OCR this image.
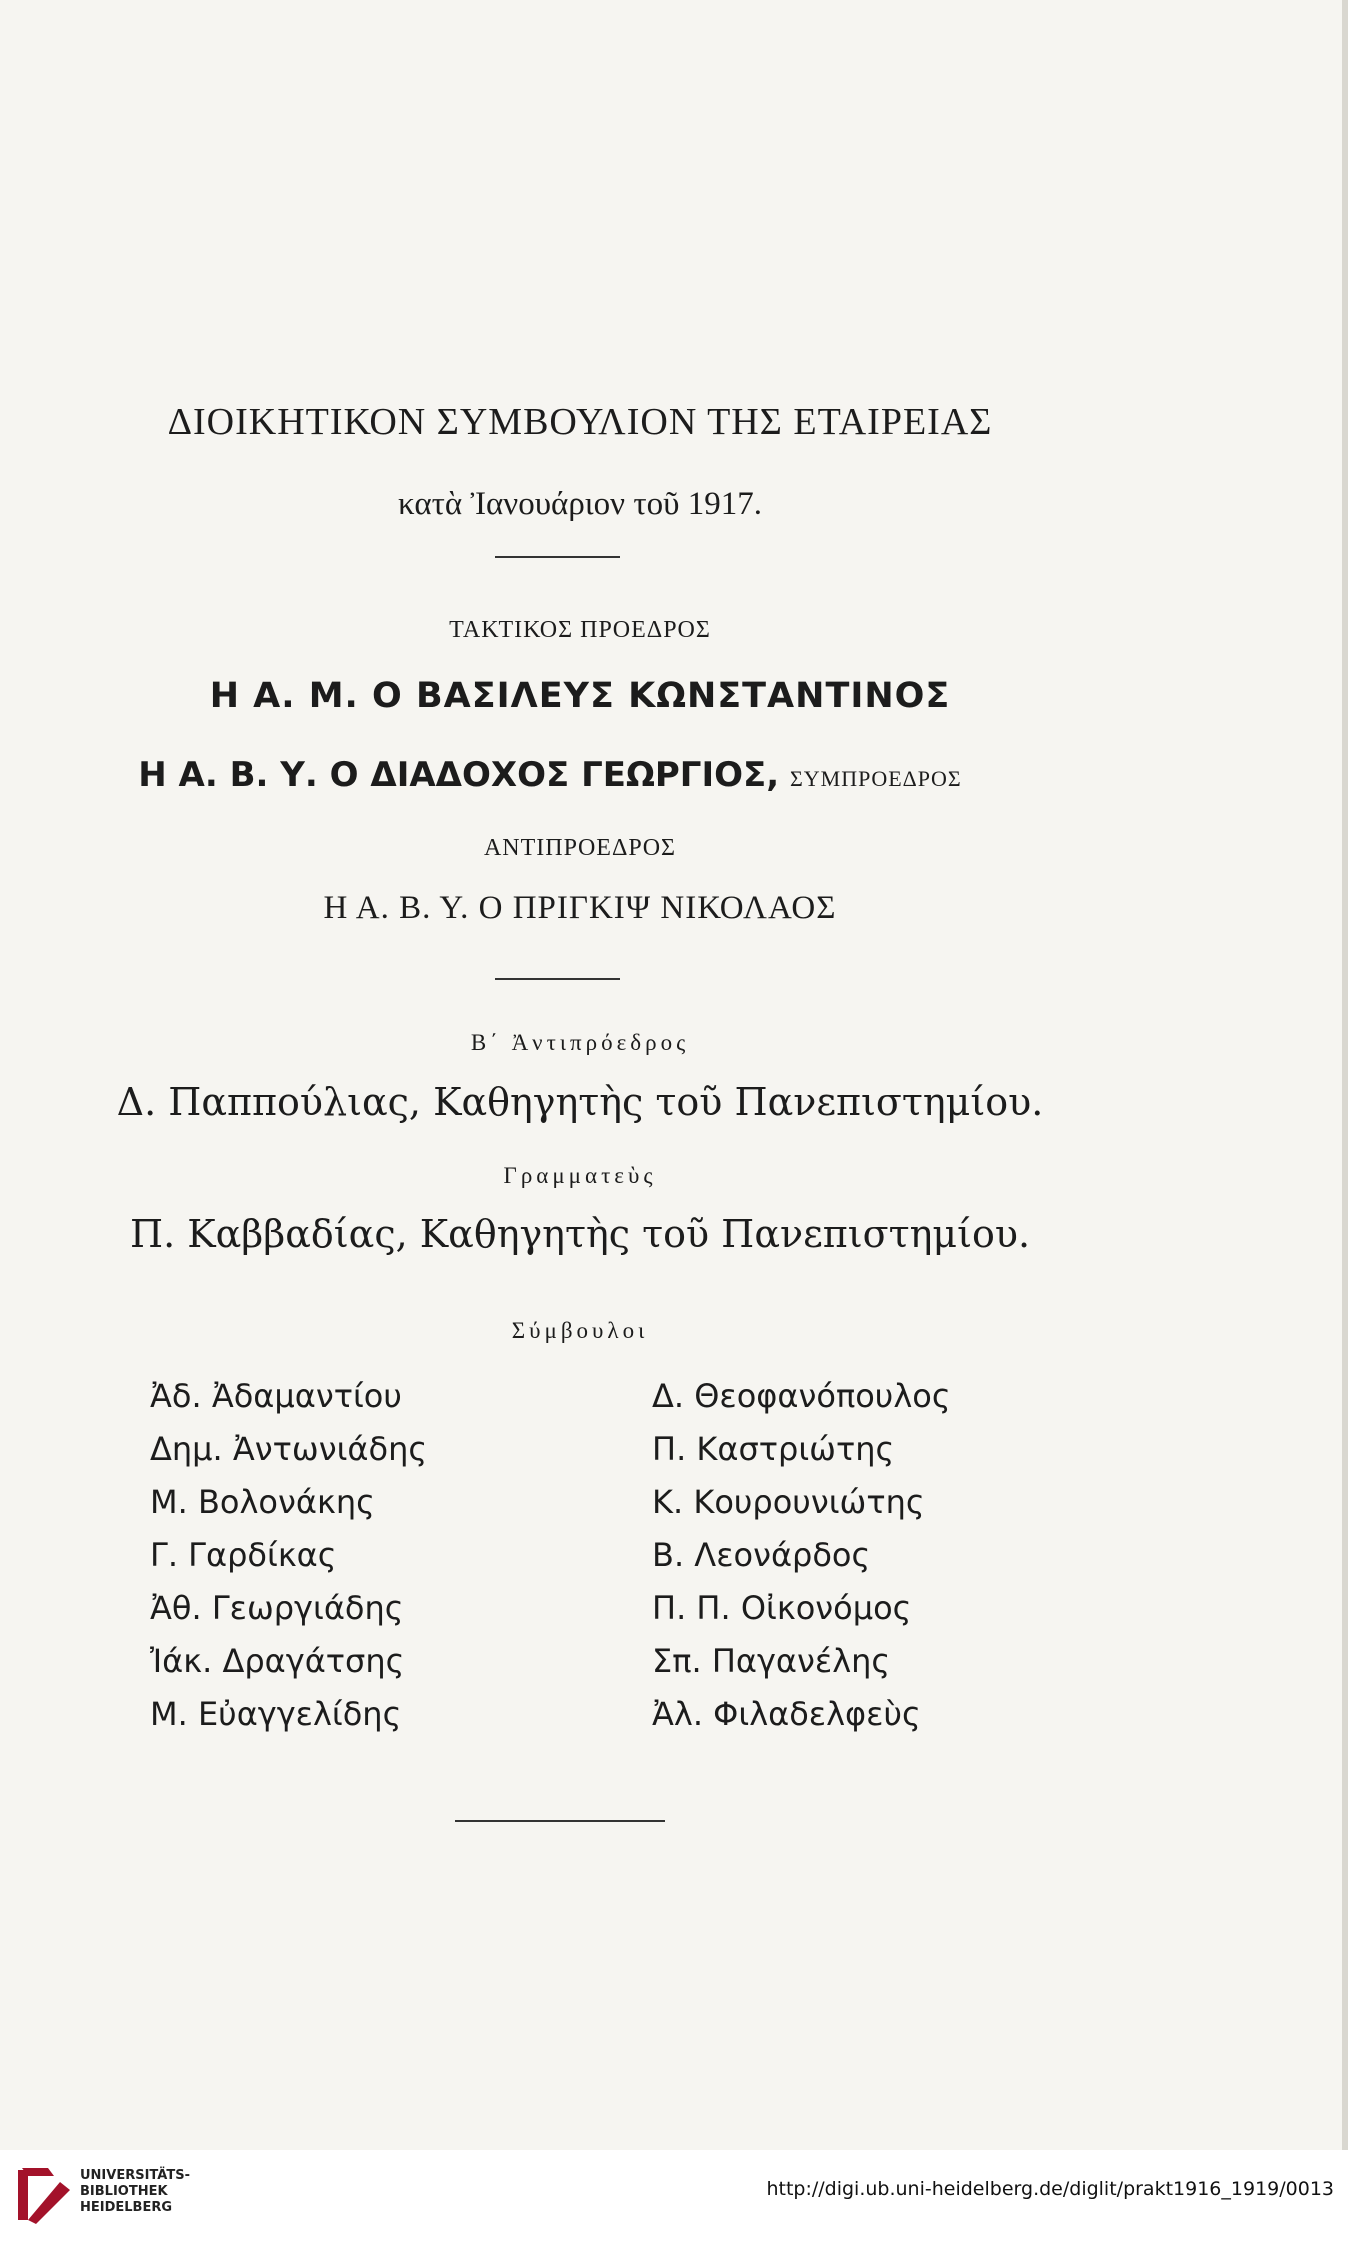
ΔΙΟΙΚΗΤΙΚΟΝ ΣΥΜΒΟΥΛΙΟΝ ΤΗΣ ΕΤΑΙΡΕΙΑΣ
κατὰ Ἰανουάριον τοῦ 1917.
ΤΑΚΤΙΚΟΣ ΠΡΟΕΔΡΟΣ
Η Α. Μ. Ο ΒΑΣΙΛΕΥΣ ΚΩΝΣΤΑΝΤΙΝΟΣ
Η Α. Β. Υ. Ο ΔΙΑΔΟΧΟΣ ΓΕΩΡΓΙΟΣ, ΣΥΜΠΡΟΕΔΡΟΣ
ΑΝΤΙΠΡΟΕΔΡΟΣ
Η Α. Β. Υ. Ο ΠΡΙΓΚΙΨ ΝΙΚΟΛΑΟΣ
Β΄ Ἀντιπρόεδρος
Δ. Παππούλιας, Καθηγητὴς τοῦ Πανεπιστημίου.
Γραμματεὺς
Π. Καββαδίας, Καθηγητὴς τοῦ Πανεπιστημίου.
Σύμβουλοι
Ἀδ. Ἀδαμαντίου
Δημ. Ἀντωνιάδης
Μ. Βολονάκης
Γ. Γαρδίκας
Ἀθ. Γεωργιάδης
Ἰάκ. Δραγάτσης
Μ. Εὐαγγελίδης
Δ. Θεοφανόπουλος
Π. Καστριώτης
Κ. Κουρουνιώτης
Β. Λεονάρδος
Π. Π. Οἰκονόμος
Σπ. Παγανέλης
Ἀλ. Φιλαδελφεὺς
UNIVERSITÄTS-
BIBLIOTHEK
HEIDELBERG
http://digi.ub.uni-heidelberg.de/diglit/prakt1916_1919/0013
